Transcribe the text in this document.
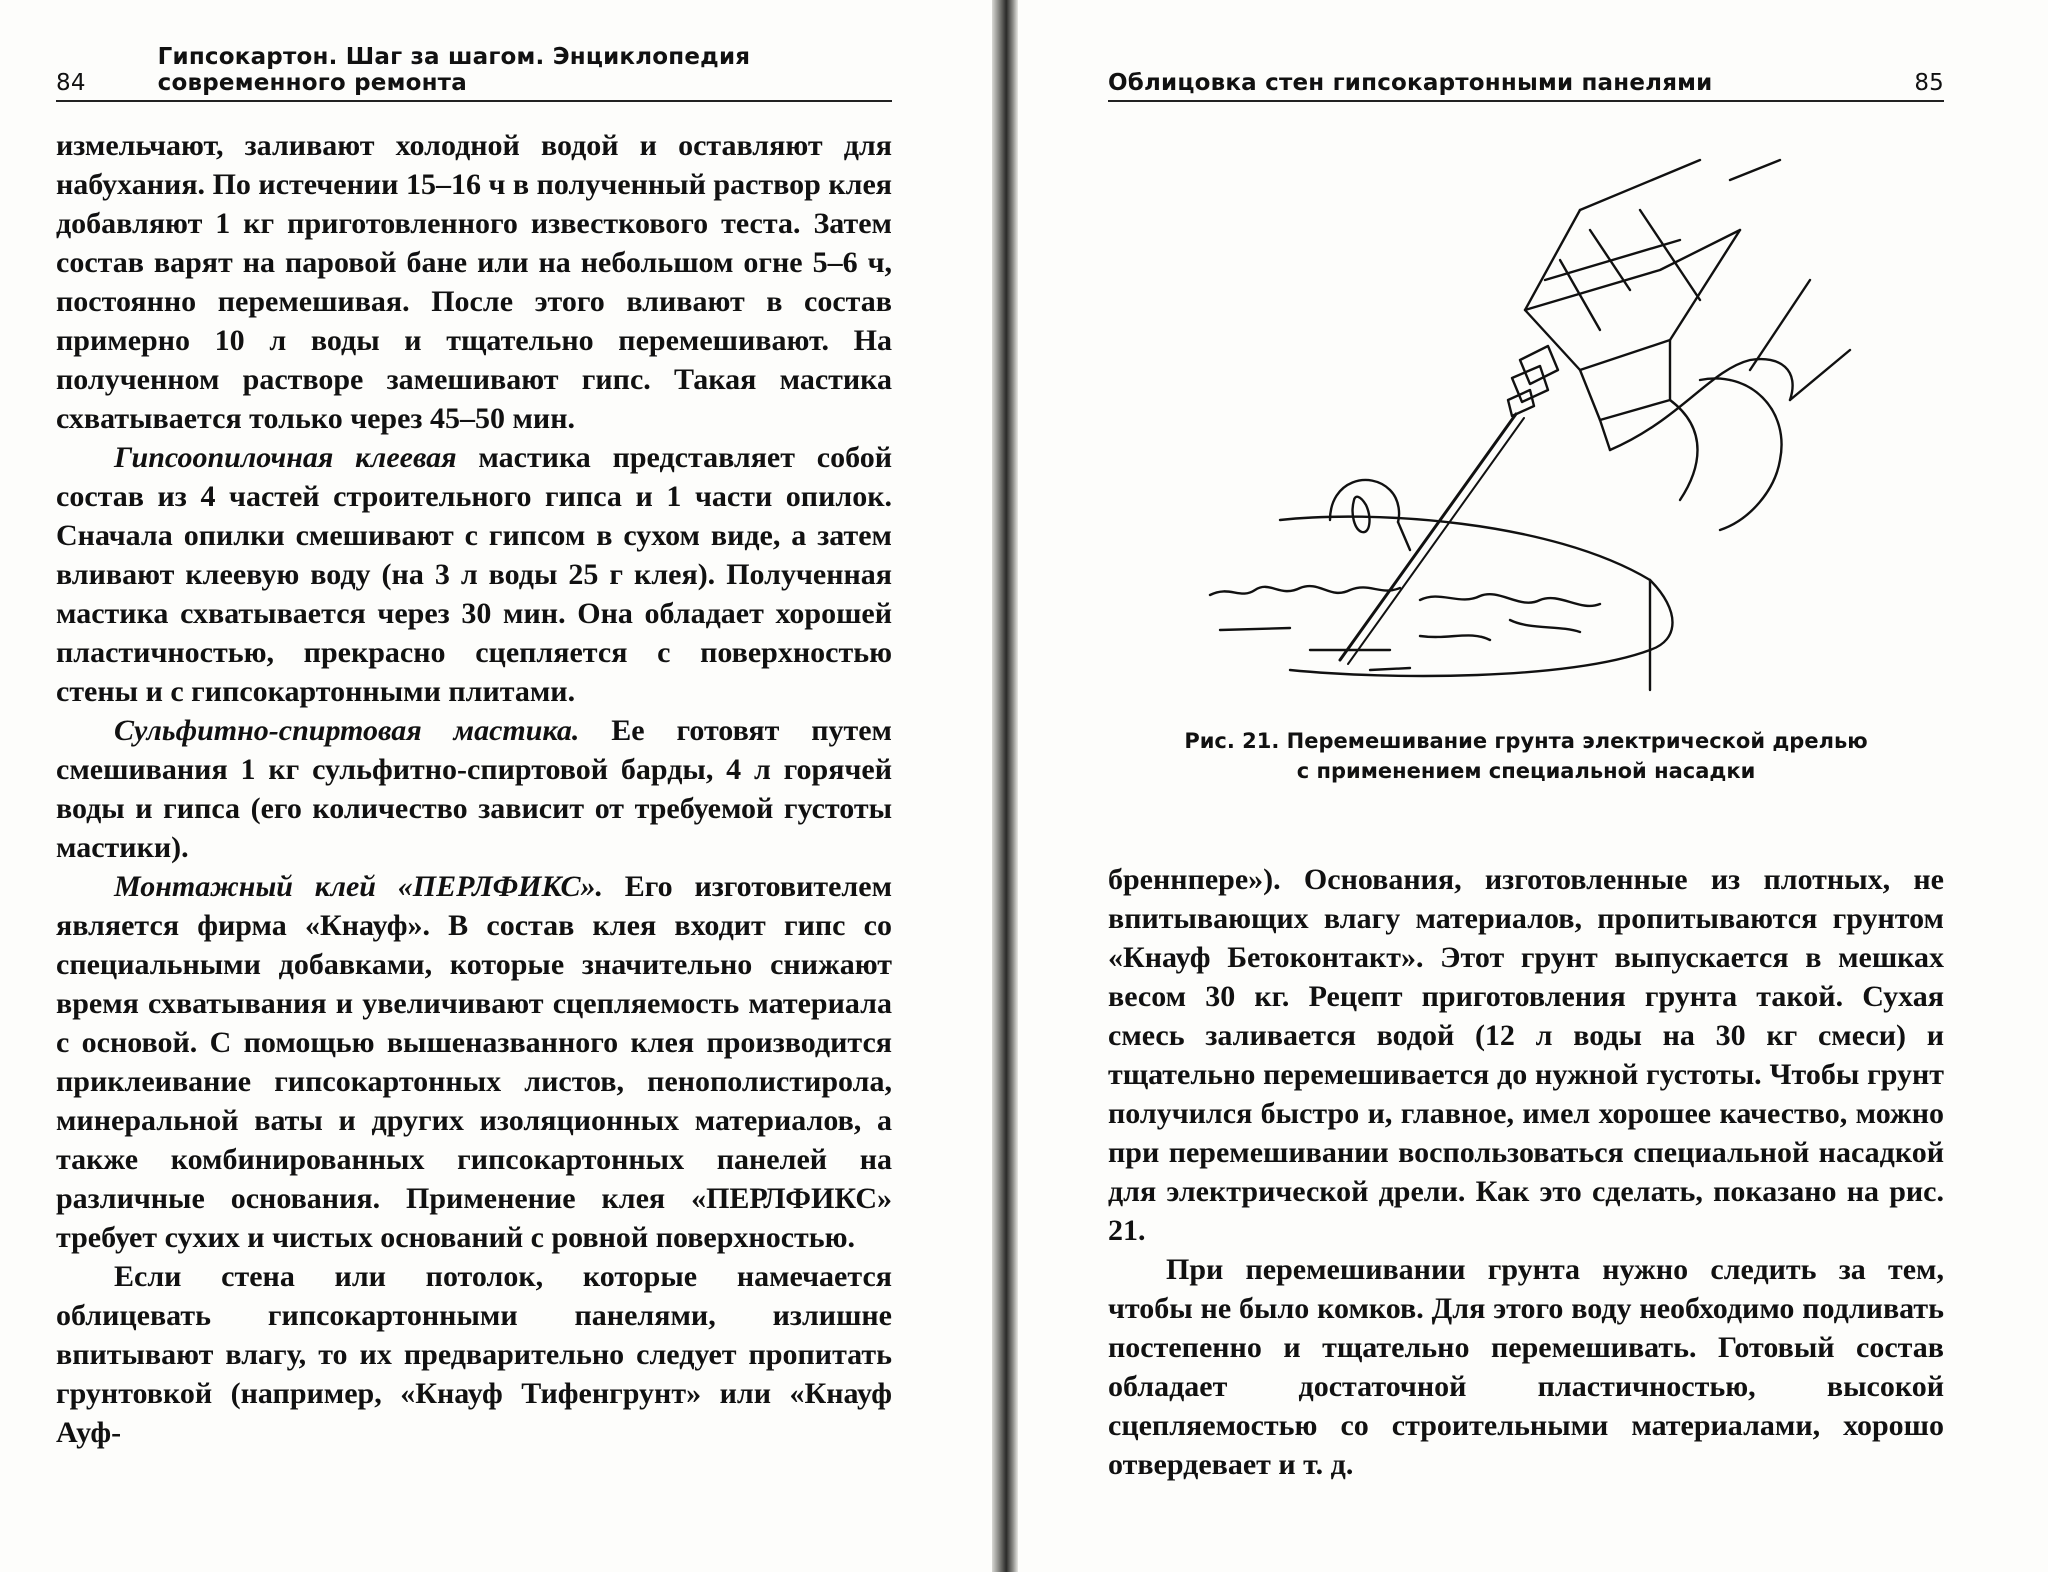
84
Гипсокартон. Шаг за шагом. Энциклопедия современного ремонта

измельчают, заливают холодной водой и оставляют для набухания. По истечении 15–16 ч в полученный раствор клея добавляют 1 кг приготовленного известкового теста. Затем состав варят на паровой бане или на небольшом огне 5–6 ч, постоянно перемешивая. После этого вливают в состав примерно 10 л воды и тщательно перемешивают. На полученном растворе замешивают гипс. Такая мастика схватывается только через 45–50 мин.

Гипсоопилочная клеевая мастика представляет собой состав из 4 частей строительного гипса и 1 части опилок. Сначала опилки смешивают с гипсом в сухом виде, а затем вливают клеевую воду (на 3 л воды 25 г клея). Полученная мастика схватывается через 30 мин. Она обладает хорошей пластичностью, прекрасно сцепляется с поверхностью стены и с гипсокартонными плитами.

Сульфитно-спиртовая мастика. Ее готовят путем смешивания 1 кг сульфитно-спиртовой барды, 4 л горячей воды и гипса (его количество зависит от требуемой густоты мастики).

Монтажный клей «ПЕРЛФИКС». Его изготовителем является фирма «Кнауф». В состав клея входит гипс со специальными добавками, которые значительно снижают время схватывания и увеличивают сцепляемость материала с основой. С помощью вышеназванного клея производится приклеивание гипсокартонных листов, пенополистирола, минеральной ваты и других изоляционных материалов, а также комбинированных гипсокартонных панелей на различные основания. Применение клея «ПЕРЛФИКС» требует сухих и чистых оснований с ровной поверхностью.

Если стена или потолок, которые намечается облицевать гипсокартонными панелями, излишне впитывают влагу, то их предварительно следует пропитать грунтовкой (например, «Кнауф Тифенгрунт» или «Кнауф Ауф-

Облицовка стен гипсокартонными панелями	85
Рис. 21. Перемешивание грунта электрической дрелью
с применением специальной насадки

бреннпере»). Основания, изготовленные из плотных, не впитывающих влагу материалов, пропитываются грунтом «Кнауф Бетоконтакт». Этот грунт выпускается в мешках весом 30 кг. Рецепт приготовления грунта такой. Сухая смесь заливается водой (12 л воды на 30 кг смеси) и тщательно перемешивается до нужной густоты. Чтобы грунт получился быстро и, главное, имел хорошее качество, можно при перемешивании воспользоваться специальной насадкой для электрической дрели. Как это сделать, показано на рис. 21.

При перемешивании грунта нужно следить за тем, чтобы не было комков. Для этого воду необходимо подливать постепенно и тщательно перемешивать. Готовый состав обладает достаточной пластичностью, высокой сцепляемостью со строительными материалами, хорошо отвердевает и т. д.
